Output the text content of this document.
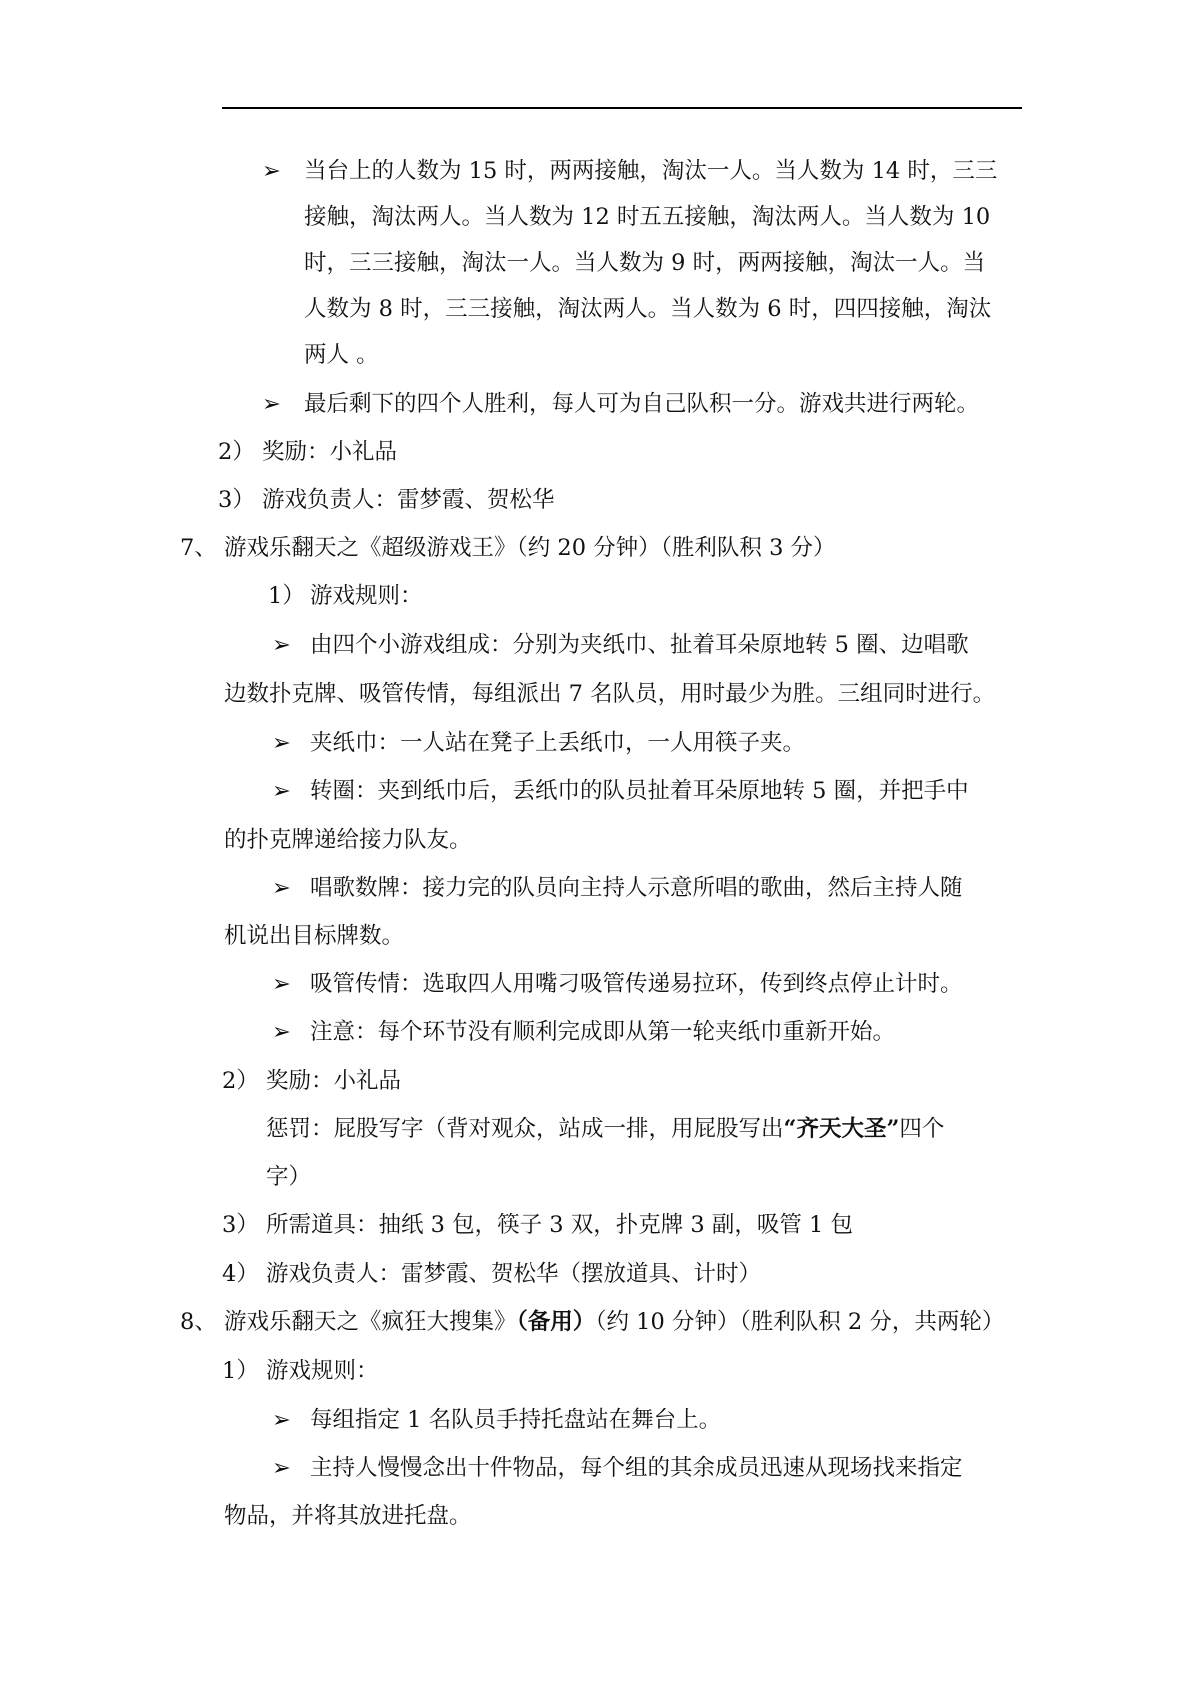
➢ 当台上的人数为 15 时，两两接触，淘汰一人。当人数为 14 时，三三
接触，淘汰两人。当人数为 12 时五五接触，淘汰两人。当人数为 10
时，三三接触，淘汰一人。当人数为 9 时，两两接触，淘汰一人。当
人数为 8 时，三三接触，淘汰两人。当人数为 6 时，四四接触，淘汰
两人 。
➢ 最后剩下的四个人胜利，每人可为自己队积一分。游戏共进行两轮。
2） 奖励：小礼品
3） 游戏负责人：雷梦霞、贺松华
7、 游戏乐翻天之《超级游戏王》（约 20 分钟）（胜利队积 3 分）
1） 游戏规则：
➢ 由四个小游戏组成：分别为夹纸巾、扯着耳朵原地转 5 圈、边唱歌
边数扑克牌、吸管传情，每组派出 7 名队员，用时最少为胜。三组同时进行。
➢ 夹纸巾：一人站在凳子上丢纸巾，一人用筷子夹。
➢ 转圈：夹到纸巾后，丢纸巾的队员扯着耳朵原地转 5 圈，并把手中
的扑克牌递给接力队友。
➢ 唱歌数牌：接力完的队员向主持人示意所唱的歌曲，然后主持人随
机说出目标牌数。
➢ 吸管传情：选取四人用嘴刁吸管传递易拉环，传到终点停止计时。
➢ 注意：每个环节没有顺利完成即从第一轮夹纸巾重新开始。
2） 奖励：小礼品
惩罚：屁股写字（背对观众，站成一排，用屁股写出“齐天大圣”四个
字）
3） 所需道具：抽纸 3 包，筷子 3 双，扑克牌 3 副，吸管 1 包
4） 游戏负责人：雷梦霞、贺松华（摆放道具、计时）
8、 游戏乐翻天之《疯狂大搜集》（备用）（约 10 分钟）（胜利队积 2 分，共两轮）
1） 游戏规则：
➢ 每组指定 1 名队员手持托盘站在舞台上。
➢ 主持人慢慢念出十件物品，每个组的其余成员迅速从现场找来指定
物品，并将其放进托盘。
